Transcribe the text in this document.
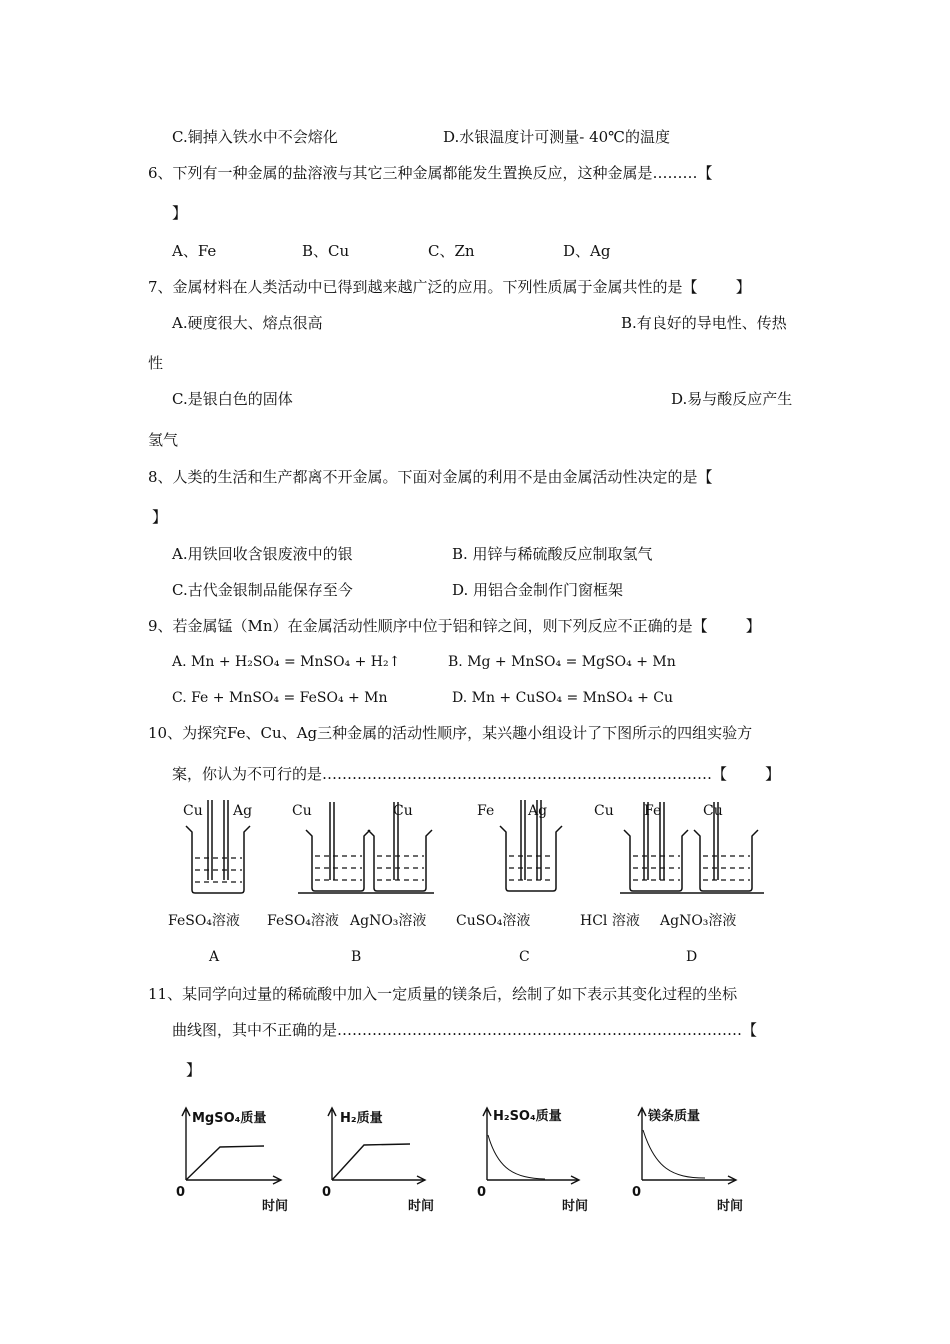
C.铜掉入铁水中不会熔化	D.水银温度计可测量- 40℃的温度
6、下列有一种金属的盐溶液与其它三种金属都能发生置换反应，这种金属是………【
】
A、Fe	B、Cu	C、Zn	D、Ag
7、金属材料在人类活动中已得到越来越广泛的应用。下列性质属于金属共性的是【        】
A.硬度很大、熔点很高	B.有良好的导电性、传热
性
C.是银白色的固体	D.易与酸反应产生
氢气
8、人类的生活和生产都离不开金属。下面对金属的利用不是由金属活动性决定的是【
】
A.用铁回收含银废液中的银	B. 用锌与稀硫酸反应制取氢气
C.古代金银制品能保存至今	D. 用铝合金制作门窗框架
9、若金属锰（Mn）在金属活动性顺序中位于铝和锌之间，则下列反应不正确的是【        】
A. Mn + H₂SO₄ = MnSO₄ + H₂↑	B. Mg + MnSO₄ = MgSO₄ + Mn
C. Fe + MnSO₄ = FeSO₄ + Mn	D. Mn + CuSO₄ = MnSO₄ + Cu
10、为探究Fe、Cu、Ag三种金属的活动性顺序，某兴趣小组设计了下图所示的四组实验方
案，你认为不可行的是……………………………………………………………………【        】
Cu Ag	Cu	Cu	Fe Ag	Cu Fe	Cu
FeSO₄溶液 FeSO₄溶液 AgNO₃溶液 CuSO₄溶液	HCl 溶液 AgNO₃溶液
A	B	C	D
11、某同学向过量的稀硫酸中加入一定质量的镁条后，绘制了如下表示其变化过程的坐标
曲线图，其中不正确的是………………………………………………………………………【
】
MgSO₄质量	H₂质量	H₂SO₄质量	镁条质量
0	0	0	0
时间	时间	时间	时间
